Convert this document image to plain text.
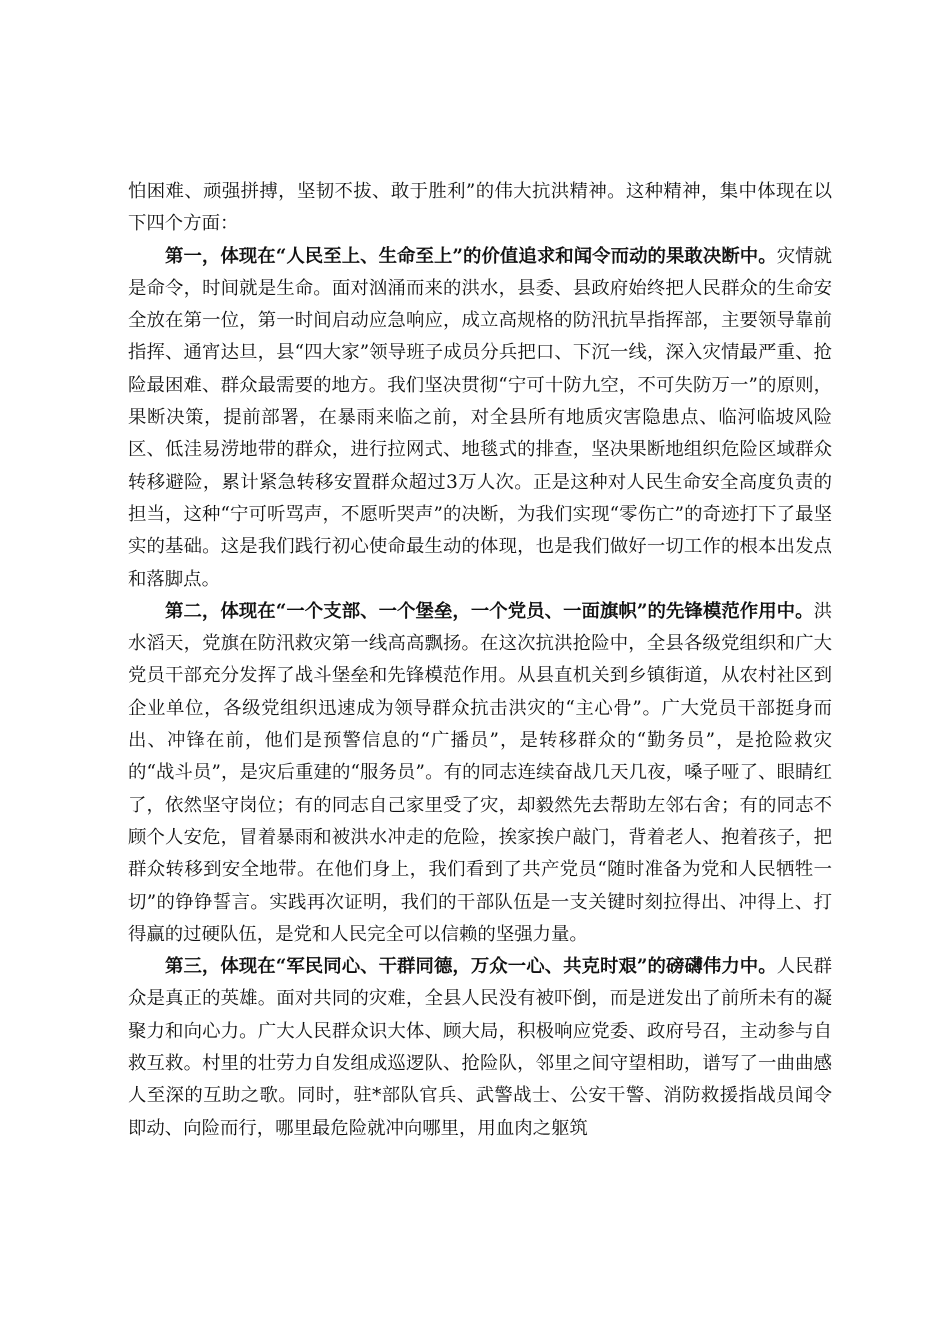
怕困难、顽强拼搏，坚韧不拔、敢于胜利”的伟大抗洪精神。这种精神，集中体现在以下四个方面：

第一，体现在“人民至上、生命至上”的价值追求和闻令而动的果敢决断中。灾情就是命令，时间就是生命。面对汹涌而来的洪水，县委、县政府始终把人民群众的生命安全放在第一位，第一时间启动应急响应，成立高规格的防汛抗旱指挥部，主要领导靠前指挥、通宵达旦，县“四大家”领导班子成员分兵把口、下沉一线，深入灾情最严重、抢险最困难、群众最需要的地方。我们坚决贯彻“宁可十防九空，不可失防万一”的原则，果断决策，提前部署，在暴雨来临之前，对全县所有地质灾害隐患点、临河临坡风险区、低洼易涝地带的群众，进行拉网式、地毯式的排查，坚决果断地组织危险区域群众转移避险，累计紧急转移安置群众超过3万人次。正是这种对人民生命安全高度负责的担当，这种“宁可听骂声，不愿听哭声”的决断，为我们实现“零伤亡”的奇迹打下了最坚实的基础。这是我们践行初心使命最生动的体现，也是我们做好一切工作的根本出发点和落脚点。

第二，体现在“一个支部、一个堡垒，一个党员、一面旗帜”的先锋模范作用中。洪水滔天，党旗在防汛救灾第一线高高飘扬。在这次抗洪抢险中，全县各级党组织和广大党员干部充分发挥了战斗堡垒和先锋模范作用。从县直机关到乡镇街道，从农村社区到企业单位，各级党组织迅速成为领导群众抗击洪灾的“主心骨”。广大党员干部挺身而出、冲锋在前，他们是预警信息的“广播员”，是转移群众的“勤务员”，是抢险救灾的“战斗员”，是灾后重建的“服务员”。有的同志连续奋战几天几夜，嗓子哑了、眼睛红了，依然坚守岗位；有的同志自己家里受了灾，却毅然先去帮助左邻右舍；有的同志不顾个人安危，冒着暴雨和被洪水冲走的危险，挨家挨户敲门，背着老人、抱着孩子，把群众转移到安全地带。在他们身上，我们看到了共产党员“随时准备为党和人民牺牲一切”的铮铮誓言。实践再次证明，我们的干部队伍是一支关键时刻拉得出、冲得上、打得赢的过硬队伍，是党和人民完全可以信赖的坚强力量。

第三，体现在“军民同心、干群同德，万众一心、共克时艰”的磅礴伟力中。人民群众是真正的英雄。面对共同的灾难，全县人民没有被吓倒，而是迸发出了前所未有的凝聚力和向心力。广大人民群众识大体、顾大局，积极响应党委、政府号召，主动参与自救互救。村里的壮劳力自发组成巡逻队、抢险队，邻里之间守望相助，谱写了一曲曲感人至深的互助之歌。同时，驻*部队官兵、武警战士、公安干警、消防救援指战员闻令即动、向险而行，哪里最危险就冲向哪里，用血肉之躯筑
